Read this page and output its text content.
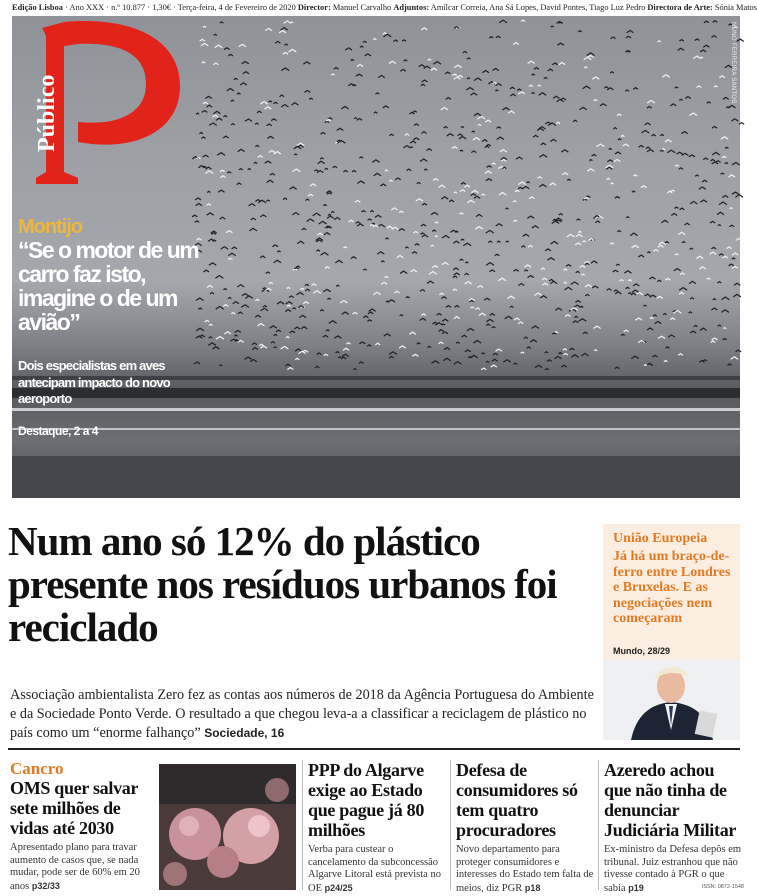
Edição Lisboa · Ano XXX · n.º 10.877 · 1,30€ · Terça-feira, 4 de Fevereiro de 2020 Director: Manuel Carvalho Adjuntos: Amílcar Correia, Ana Sá Lopes, David Pontes, Tiago Luz Pedro Directora de Arte: Sónia Matos
Público
NUNO FERREIRA SANTOS
Montijo
“Se o motor de um carro faz isto, imagine o de um avião”
Dois especialistas em aves antecipam impacto do novo aeroporto
Destaque, 2 a 4
Num ano só 12% do plástico presente nos resíduos urbanos foi reciclado
Associação ambientalista Zero fez as contas aos números de 2018 da Agência Portuguesa do Ambiente e da Sociedade Ponto Verde. O resultado a que chegou leva-a a classificar a reciclagem de plástico no país como um “enorme falhanço” Sociedade, 16
União Europeia
Já há um braço-de-ferro entre Londres e Bruxelas. E as negociações nem começaram
Mundo, 28/29
Cancro
OMS quer salvar sete milhões de vidas até 2030
Apresentado plano para travar aumento de casos que, se nada mudar, pode ser de 60% em 20 anos p32/33
PPP do Algarve exige ao Estado que pague já 80 milhões
Verba para custear o cancelamento da subconcessão Algarve Litoral está prevista no OE p24/25
Defesa de consumidores só tem quatro procuradores
Novo departamento para proteger consumidores e interesses do Estado tem falta de meios, diz PGR p18
Azeredo achou que não tinha de denunciar Judiciária Militar
Ex-ministro da Defesa depôs em tribunal. Juiz estranhou que não tivesse contado à PGR o que sabia p19	ISSN: 0872-1548
